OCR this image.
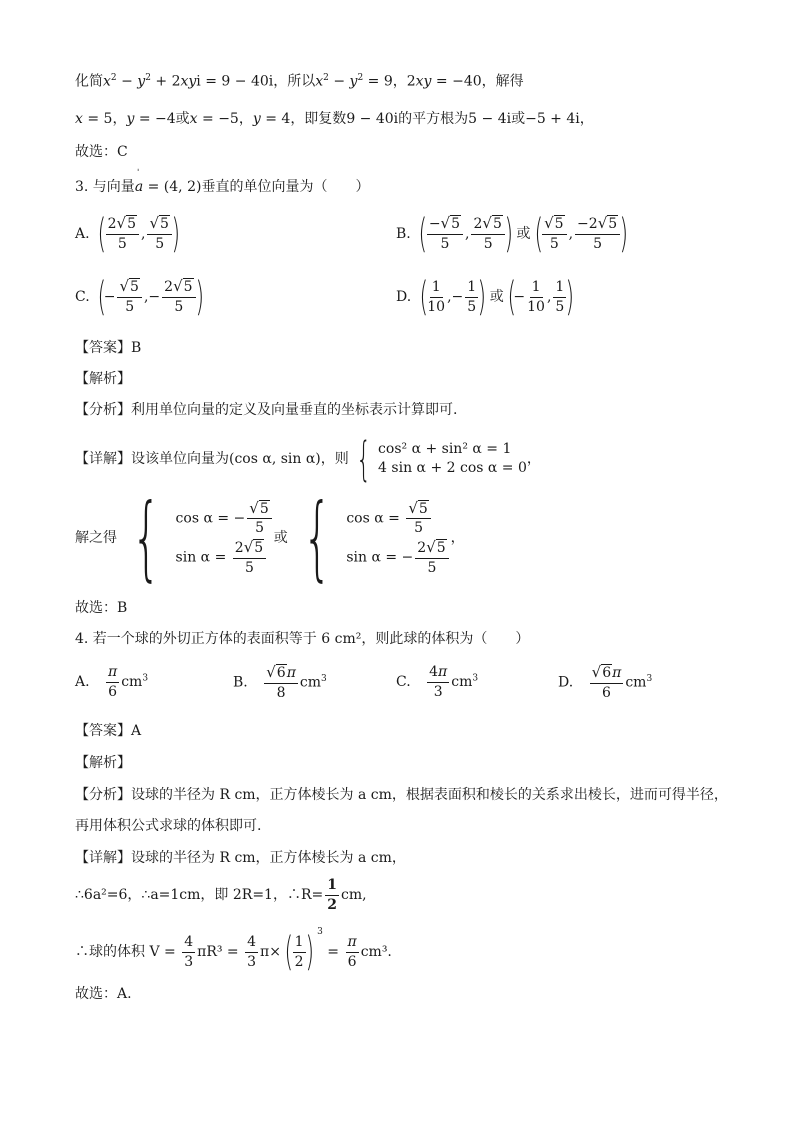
化简$x^2 - y^2 + 2xyi = 9 - 40i$，所以$x^2 - y^2 = 9$，2xy = −40，解得
x = 5，y = −4或x = −5，y = 4，即复数9 − 40i的平方根为5 − 4i或−5 + 4i，
故选：C
3. 与向量
ˈ
a = (4, 2)垂直的单位向量为（　　）
A. ( $\frac{2√5}{5}$ , $\frac{√5}{5}$ )	B. ( $\frac{-√5}{5}$ , $\frac{2√5}{5}$ ) 或( $\frac{√5}{5}$ , $\frac{-2√5}{5}$ )
C. (− $\frac{√5}{5}$ ,− $\frac{2√5}{5}$ )	D. ( $\frac{1}{10}$ ,− $\frac{1}{5}$ ) 或(− $\frac{1}{10}$ , $\frac{1}{5}$ )
【答案】B
【解析】
【分析】利用单位向量的定义及向量垂直的坐标表示计算即可.
【详解】设该单位向量为(cos α, sin α)，则 { cos² α + sin² α = 1
4 sin α + 2 cos α = 0
，
解之得 { cos α = − $\frac{√5}{5}$
$\sin \alpha = \frac{2√5}{5}$
或 { $\cos \alpha = \frac{√5}{5}$
sin α = − $\frac{2√5}{5}$
，
故选：B
4. 若一个球的外切正方体的表面积等于 6 cm²，则此球的体积为（　　）
A. $\frac{\pi}{6} cm^3$	B. $\frac{√6\pi}{8} cm^3$	C. $\frac{4\pi}{3} cm^3$	D. $\frac{√6\pi}{6} cm^3$
【答案】A
【解析】
【分析】设球的半径为 R cm，正方体棱长为 a cm，根据表面积和棱长的关系求出棱长，进而可得半径，
再用体积公式求球的体积即可.
【详解】设球的半径为 R cm，正方体棱长为 a cm，
∴6a²=6，∴a=1cm，即 2R=1，∴R= $\frac{1}{2}$ cm,
∴球的体积 $V = \frac{4}{3} \pi R^3 = \frac{4}{3} \pi\times( \frac{1}{2}$ ) $^3 = \frac{\pi}{6} cm^3$.
故选：A.
